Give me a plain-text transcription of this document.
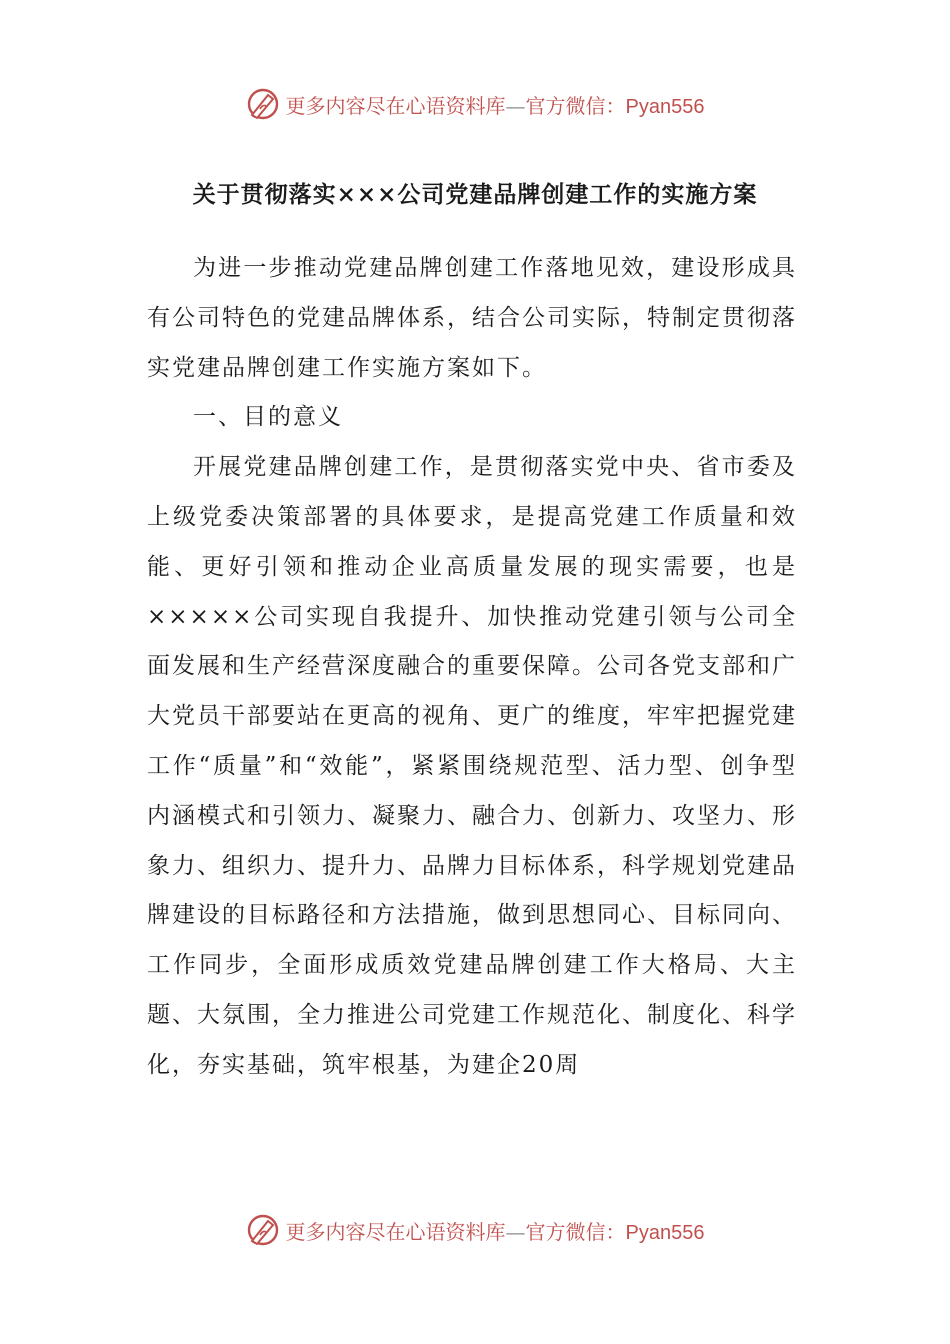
更多内容尽在心语资料库—官方微信：Pyan556
关于贯彻落实×××公司党建品牌创建工作的实施方案

为进一步推动党建品牌创建工作落地见效，建设形成具有公司特色的党建品牌体系，结合公司实际，特制定贯彻落实党建品牌创建工作实施方案如下。

一、目的意义

开展党建品牌创建工作，是贯彻落实党中央、省市委及上级党委决策部署的具体要求，是提高党建工作质量和效能、更好引领和推动企业高质量发展的现实需要，也是×××××公司实现自我提升、加快推动党建引领与公司全面发展和生产经营深度融合的重要保障。公司各党支部和广大党员干部要站在更高的视角、更广的维度，牢牢把握党建工作“质量”和“效能”，紧紧围绕规范型、活力型、创争型内涵模式和引领力、凝聚力、融合力、创新力、攻坚力、形象力、组织力、提升力、品牌力目标体系，科学规划党建品牌建设的目标路径和方法措施，做到思想同心、目标同向、工作同步，全面形成质效党建品牌创建工作大格局、大主题、大氛围，全力推进公司党建工作规范化、制度化、科学化，夯实基础，筑牢根基，为建企20周

更多内容尽在心语资料库—官方微信：Pyan556
